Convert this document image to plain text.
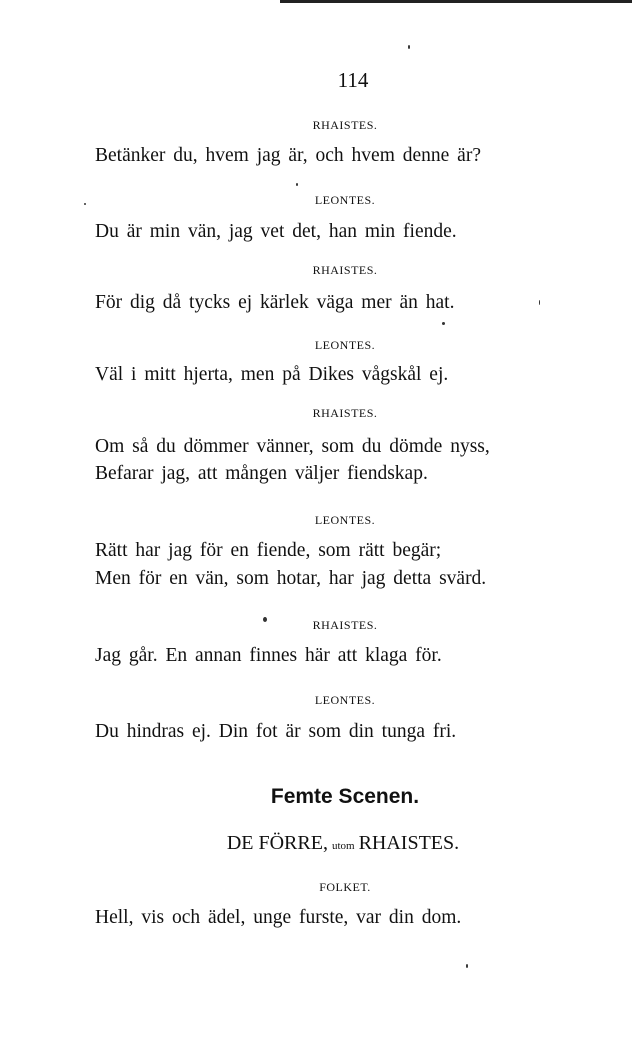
114
RHAISTES.
Betänker du, hvem jag är, och hvem denne är?
LEONTES.
Du är min vän, jag vet det, han min fiende.
RHAISTES.
För dig då tycks ej kärlek väga mer än hat.
LEONTES.
Väl i mitt hjerta, men på Dikes vågskål ej.
RHAISTES.
Om så du dömmer vänner, som du dömde nyss,
Befarar jag, att mången väljer fiendskap.
LEONTES.
Rätt har jag för en fiende, som rätt begär;
Men för en vän, som hotar, har jag detta svärd.
RHAISTES.
Jag går. En annan finnes här att klaga för.
LEONTES.
Du hindras ej. Din fot är som din tunga fri.
Femte Scenen.
DE FÖRRE, utom RHAISTES.
FOLKET.
Hell, vis och ädel, unge furste, var din dom.
